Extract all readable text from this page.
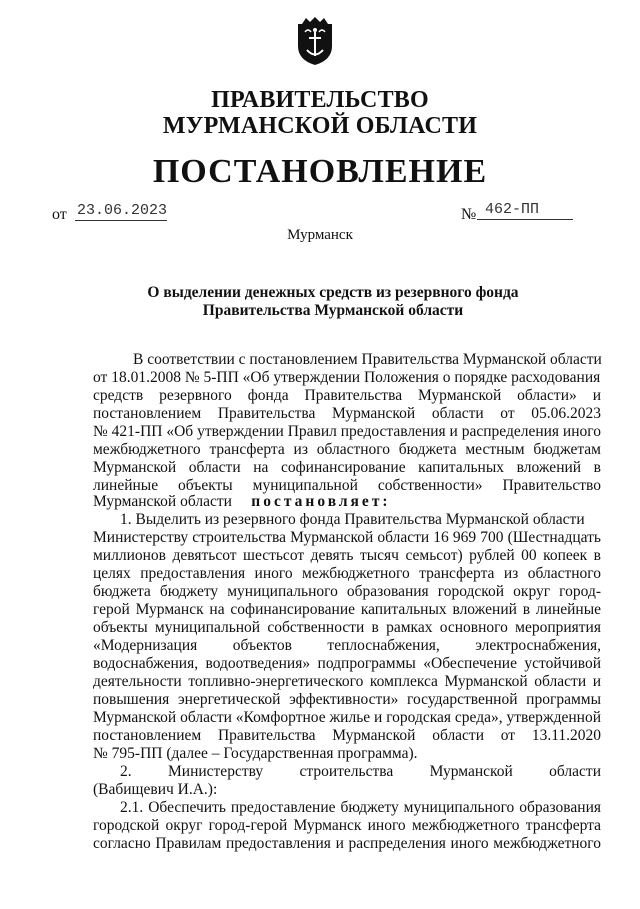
ПРАВИТЕЛЬСТВО
МУРМАНСКОЙ ОБЛАСТИ
ПОСТАНОВЛЕНИЕ
от 23.06.2023	№ 462-ПП
Мурманск
О выделении денежных средств из резервного фонда
Правительства Мурманской области
В соответствии с постановлением Правительства Мурманской области
от 18.01.2008 № 5-ПП «Об утверждении Положения о порядке расходования
средств резервного фонда Правительства Мурманской области» и
постановлением Правительства Мурманской области от 05.06.2023
№ 421-ПП «Об утверждении Правил предоставления и распределения иного
межбюджетного трансферта из областного бюджета местным бюджетам
Мурманской области на софинансирование капитальных вложений в
линейные объекты муниципальной собственности» Правительство
Мурманской области постановляет:
1. Выделить из резервного фонда Правительства Мурманской области
Министерству строительства Мурманской области 16 969 700 (Шестнадцать
миллионов девятьсот шестьсот девять тысяч семьсот) рублей 00 копеек в
целях предоставления иного межбюджетного трансферта из областного
бюджета бюджету муниципального образования городской округ город-
герой Мурманск на софинансирование капитальных вложений в линейные
объекты муниципальной собственности в рамках основного мероприятия
«Модернизация объектов теплоснабжения, электроснабжения,
водоснабжения, водоотведения» подпрограммы «Обеспечение устойчивой
деятельности топливно-энергетического комплекса Мурманской области и
повышения энергетической эффективности» государственной программы
Мурманской области «Комфортное жилье и городская среда», утвержденной
постановлением Правительства Мурманской области от 13.11.2020
№ 795-ПП (далее – Государственная программа).
2. Министерству строительства Мурманской области
(Вабищевич И.А.):
2.1. Обеспечить предоставление бюджету муниципального образования
городской округ город-герой Мурманск иного межбюджетного трансферта
согласно Правилам предоставления и распределения иного межбюджетного
